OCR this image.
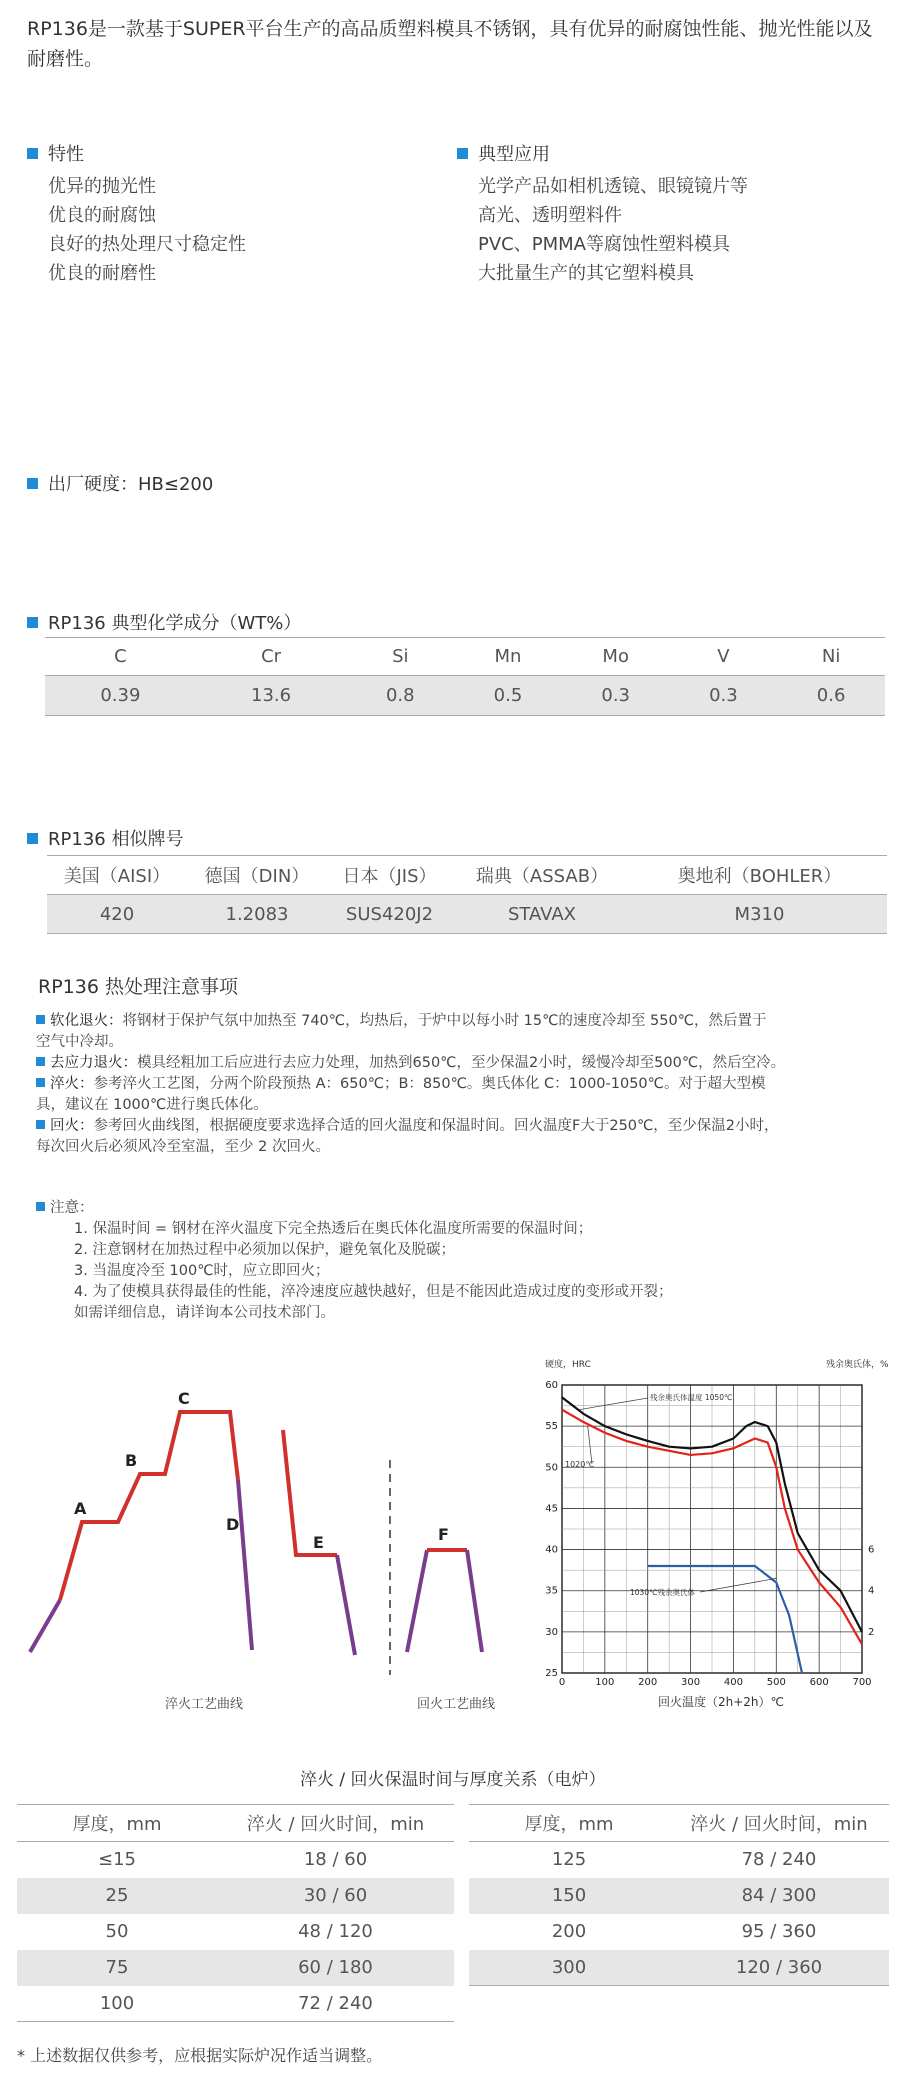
RP136是一款基于SUPER平台生产的高品质塑料模具不锈钢，具有优异的耐腐蚀性能、抛光性能以及耐磨性。
特性
优异的抛光性
优良的耐腐蚀
良好的热处理尺寸稳定性
优良的耐磨性
典型应用
光学产品如相机透镜、眼镜镜片等
高光、透明塑料件
PVC、PMMA等腐蚀性塑料模具
大批量生产的其它塑料模具
出厂硬度：HB≤200
RP136 典型化学成分（WT%）
C	Cr	Si	Mn	Mo	V	Ni
0.39	13.6	0.8	0.5	0.3	0.3	0.6
RP136 相似牌号
美国（AISI）	德国（DIN）	日本（JIS）	瑞典（ASSAB）	奥地利（BOHLER）
420	1.2083	SUS420J2	STAVAX	M310
RP136 热处理注意事项
软化退火：将钢材于保护气氛中加热至 740℃，均热后，于炉中以每小时 15℃的速度冷却至 550℃，然后置于
空气中冷却。
去应力退火：模具经粗加工后应进行去应力处理，加热到650℃，至少保温2小时，缓慢冷却至500℃，然后空冷。
淬火：参考淬火工艺图，分两个阶段预热 A：650℃；B：850℃。奥氏体化 C：1000-1050℃。对于超大型模
具，建议在 1000℃进行奥氏体化。
回火：参考回火曲线图，根据硬度要求选择合适的回火温度和保温时间。回火温度F大于250℃，至少保温2小时，
每次回火后必须风冷至室温，至少 2 次回火。
注意：
1. 保温时间 = 钢材在淬火温度下完全热透后在奥氏体化温度所需要的保温时间；
2. 注意钢材在加热过程中必须加以保护，避免氧化及脱碳；
3. 当温度冷至 100℃时，应立即回火；
4. 为了使模具获得最佳的性能，淬冷速度应越快越好，但是不能因此造成过度的变形或开裂；
如需详细信息，请详询本公司技术部门。
A
B
C
D
E	F
淬火工艺曲线	回火工艺曲线
0	100 200 300 400 500 600 700
25
30
35
40
45
50
55
60
2
4
6
硬度，HRC	残余奥氏体，%
回火温度（2h+2h）℃
残余奥氏体温度 1050℃
1020℃
1030℃残余奥氏体
淬火 / 回火保温时间与厚度关系（电炉）
厚度，mm	淬火 / 回火时间，min
≤15	18 / 60
25	30 / 60
50	48 / 120
75	60 / 180
100	72 / 240
厚度，mm	淬火 / 回火时间，min
125	78 / 240
150	84 / 300
200	95 / 360
300	120 / 360
* 上述数据仅供参考，应根据实际炉况作适当调整。
